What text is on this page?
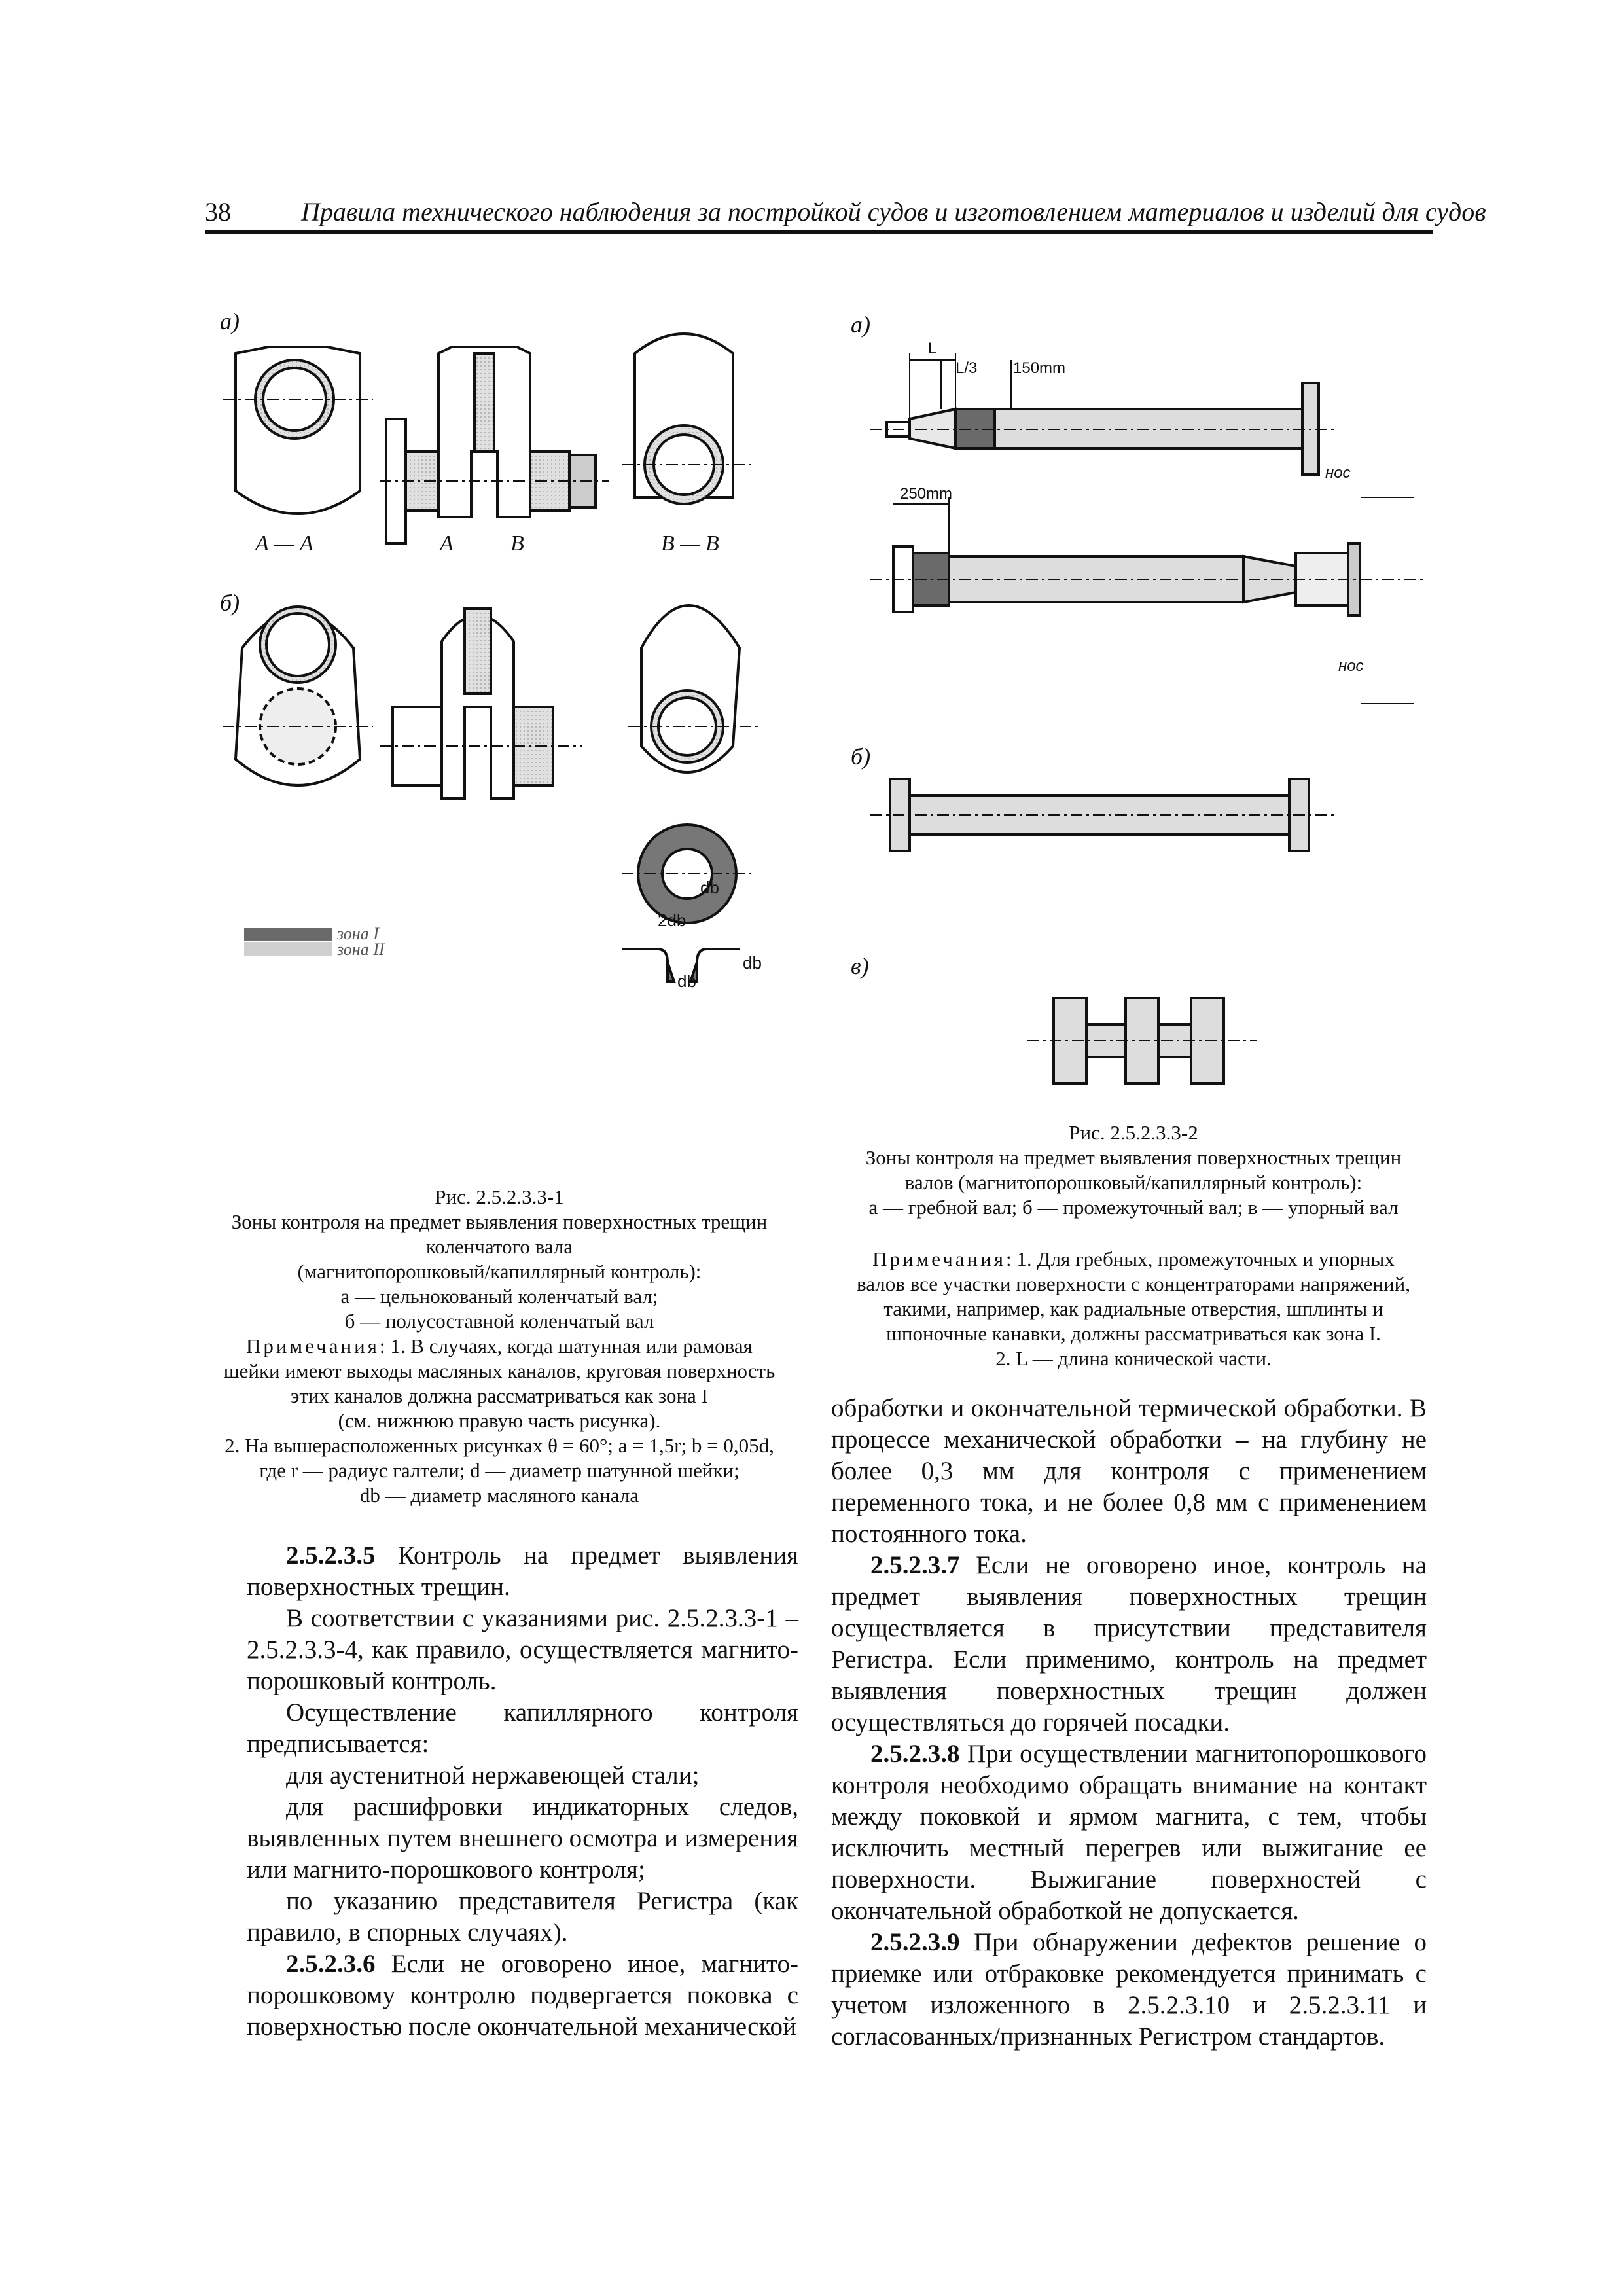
38	Правила технического наблюдения за постройкой судов и изготовлением материалов и изделий для судов
а)
б)
2db
db
db
db
А — А	А	В	В — В
зона I
зона II

Рис. 2.5.2.3.3-1

Зоны контроля на предмет выявления поверхностных трещин

коленчатого вала

(магнитопорошковый/капиллярный контроль):

а — цельнокованый коленчатый вал;

б — полусоставной коленчатый вал

Примечания: 1. В случаях, когда шатунная или рамовая

шейки имеют выходы масляных каналов, круговая поверхность

этих каналов должна рассматриваться как зона I

(см. нижнюю правую часть рисунка).

2. На вышерасположенных рисунках θ = 60°; a = 1,5r; b = 0,05d,

где r — радиус галтели; d — диаметр шатунной шейки;

db — диаметр масляного канала

а)
б)
в)
L
L/3 150mm
250mm
нос
нос

Рис. 2.5.2.3.3-2

Зоны контроля на предмет выявления поверхностных трещин

валов (магнитопорошковый/капиллярный контроль):

а — гребной вал; б — промежуточный вал; в — упорный вал

Примечания: 1. Для гребных, промежуточных и упорных

валов все участки поверхности с концентраторами напряжений,

такими, например, как радиальные отверстия, шплинты и

шпоночные канавки, должны рассматриваться как зона I.

2. L — длина конической части.

2.5.2.3.5 Контроль на предмет выявления поверхностных трещин.

В соответствии с указаниями рис. 2.5.2.3.3-1 – 2.5.2.3.3-4, как правило, осуществляется магнито-порошковый контроль.

Осуществление капиллярного контроля предписывается:

для аустенитной нержавеющей стали;

для расшифровки индикаторных следов, выявленных путем внешнего осмотра и измерения или магнито-порошкового контроля;

по указанию представителя Регистра (как правило, в спорных случаях).

2.5.2.3.6 Если не оговорено иное, магнито-порошковому контролю подвергается поковка с поверхностью после окончательной механической

обработки и окончательной термической обработки. В процессе механической обработки – на глубину не более 0,3 мм для контроля с применением переменного тока, и не более 0,8 мм с применением постоянного тока.

2.5.2.3.7 Если не оговорено иное, контроль на предмет выявления поверхностных трещин осуществляется в присутствии представителя Регистра. Если применимо, контроль на предмет выявления поверхностных трещин должен осуществляться до горячей посадки.

2.5.2.3.8 При осуществлении магнитопорошкового контроля необходимо обращать внимание на контакт между поковкой и ярмом магнита, с тем, чтобы исключить местный перегрев или выжигание ее поверхности. Выжигание поверхностей с окончательной обработкой не допускается.

2.5.2.3.9 При обнаружении дефектов решение о приемке или отбраковке рекомендуется принимать с учетом изложенного в 2.5.2.3.10 и 2.5.2.3.11 и согласованных/признанных Регистром стандартов.
